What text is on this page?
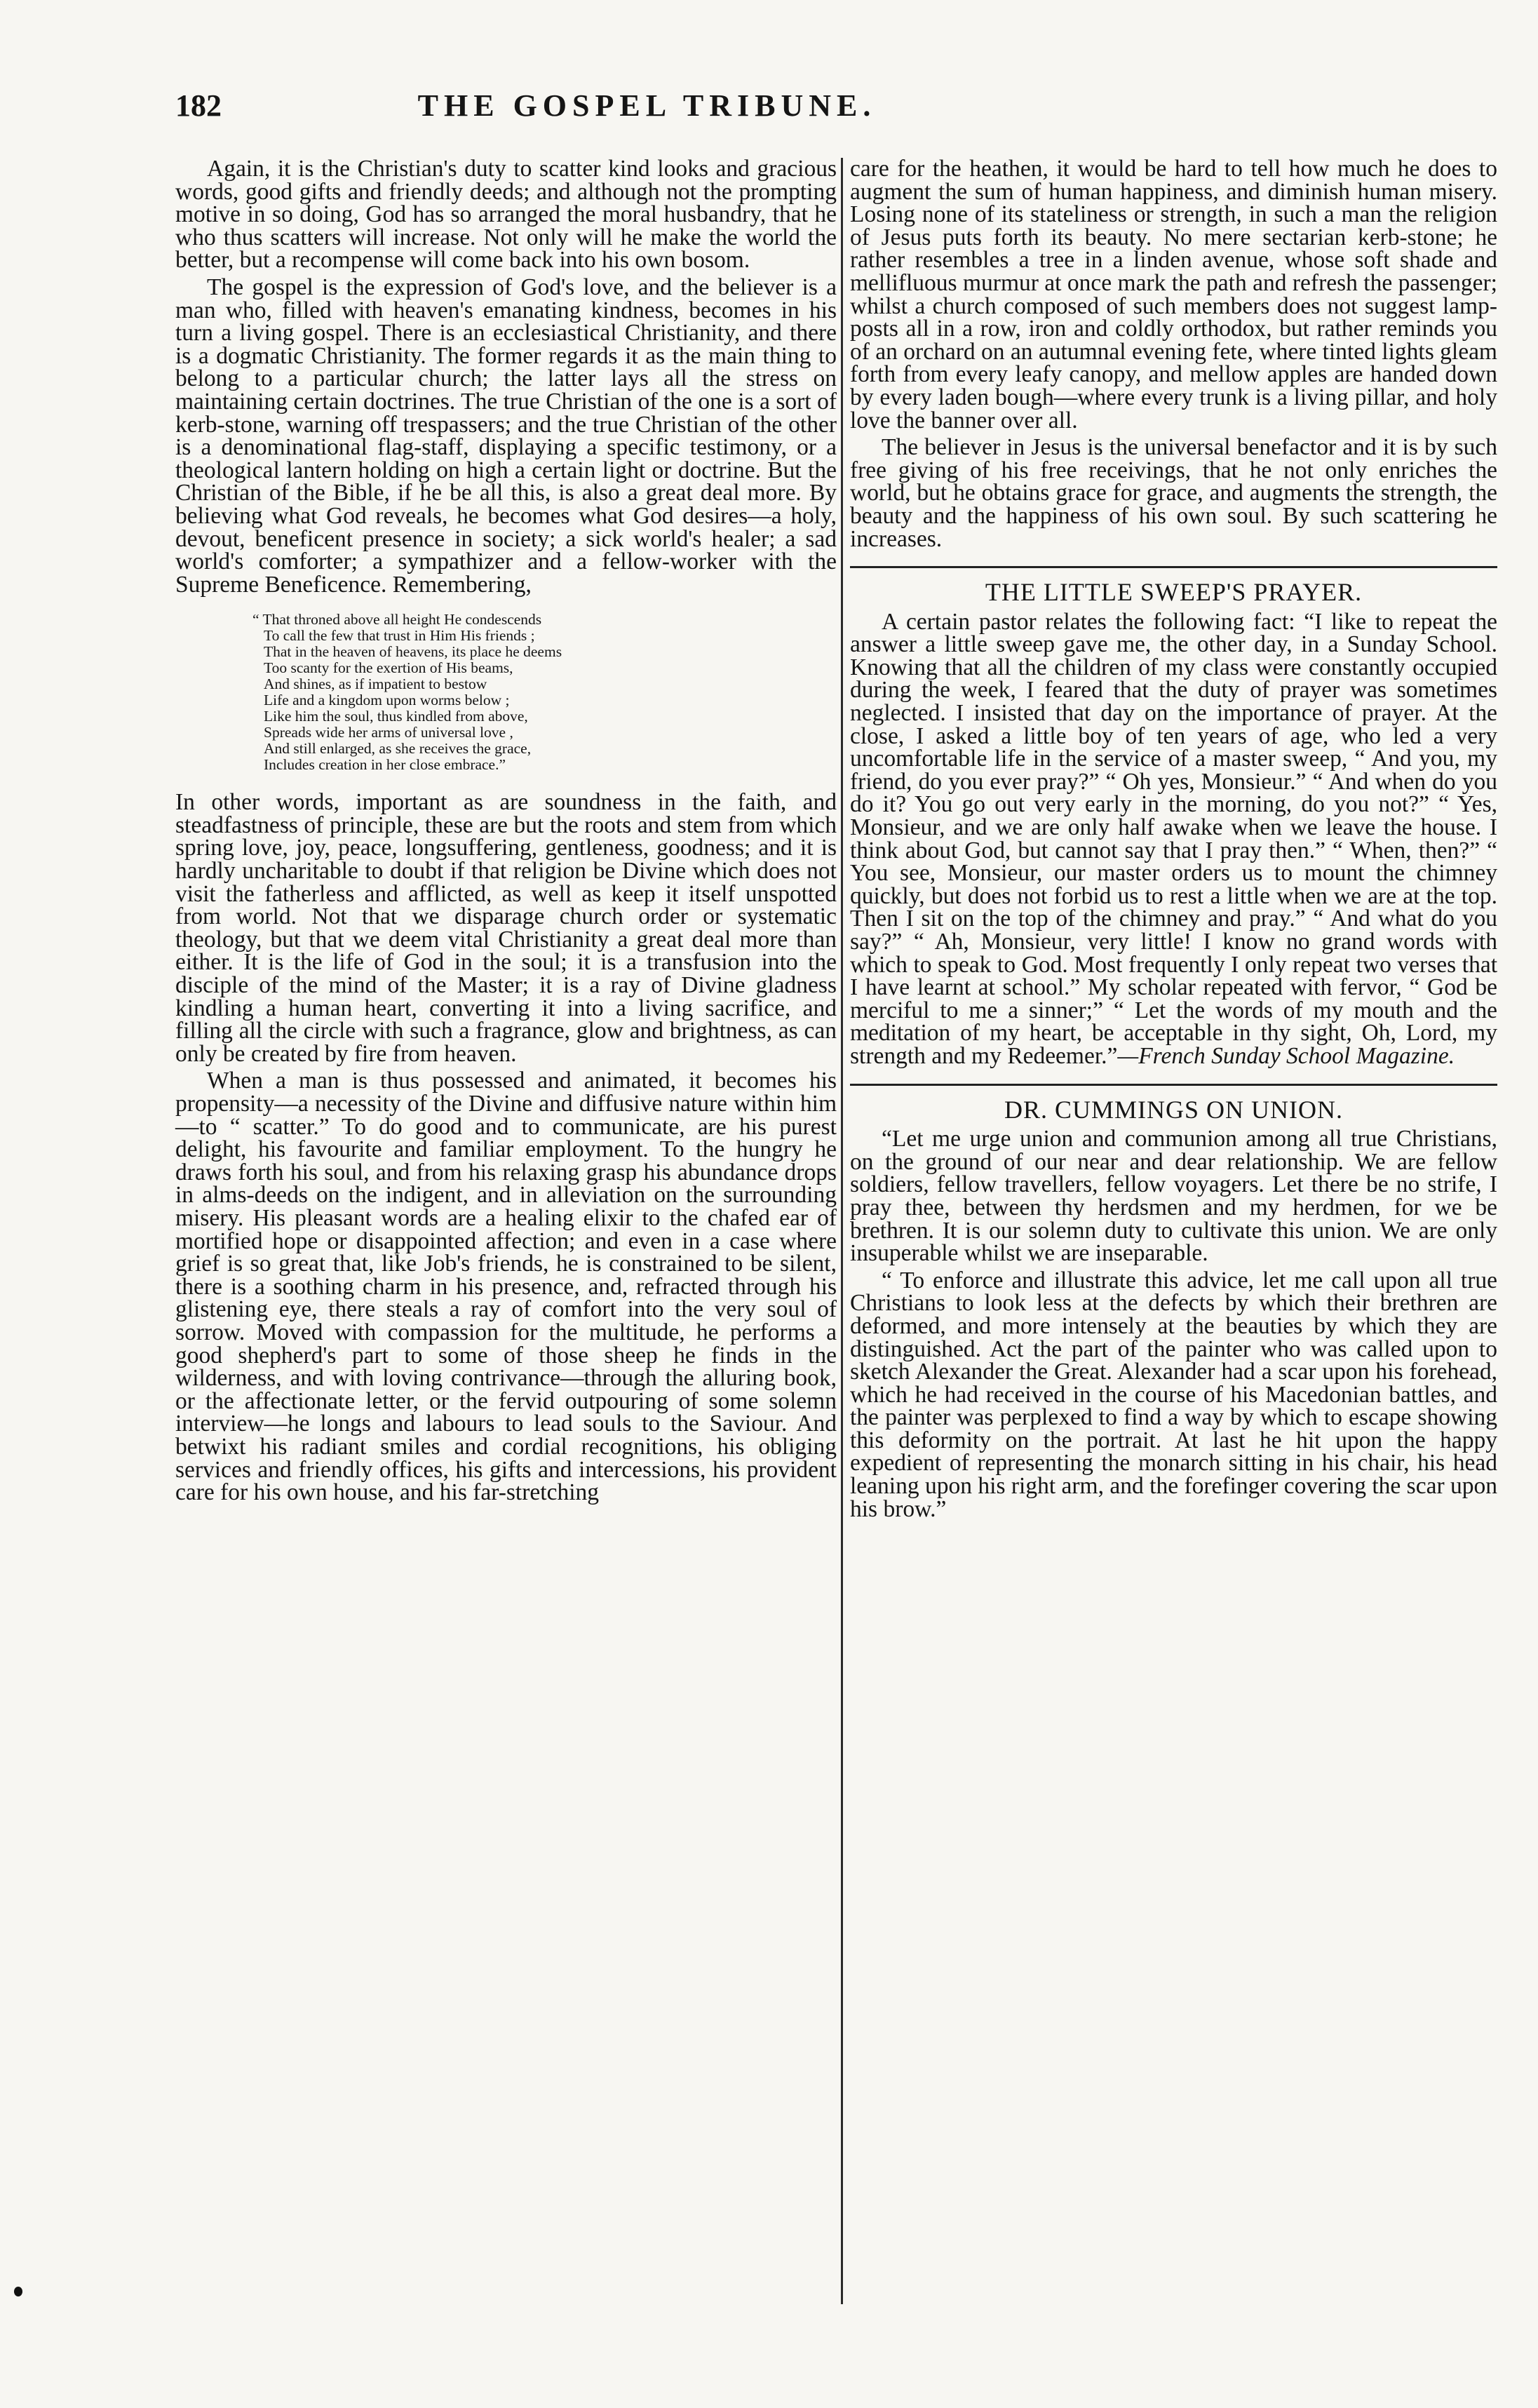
182	THE GOSPEL TRIBUNE.

Again, it is the Christian's duty to scatter kind looks and gracious words, good gifts and friendly deeds; and although not the prompting motive in so doing, God has so arranged the moral husbandry, that he who thus scatters will increase. Not only will he make the world the better, but a recompense will come back into his own bosom.

The gospel is the expression of God's love, and the believer is a man who, filled with heaven's emanating kindness, becomes in his turn a living gospel. There is an ecclesiastical Christianity, and there is a dogmatic Christianity. The former regards it as the main thing to belong to a particular church; the latter lays all the stress on maintaining certain doctrines. The true Christian of the one is a sort of kerb-stone, warning off trespassers; and the true Christian of the other is a denominational flag-staff, displaying a specific testimony, or a theological lantern holding on high a certain light or doctrine. But the Christian of the Bible, if he be all this, is also a great deal more. By believing what God reveals, he becomes what God desires—a holy, devout, beneficent presence in society; a sick world's healer; a sad world's comforter; a sympathizer and a fellow-worker with the Supreme Beneficence. Remembering,

“ That throned above all height He condescends
To call the few that trust in Him His friends ;
That in the heaven of heavens, its place he deems
Too scanty for the exertion of His beams,
And shines, as if impatient to bestow
Life and a kingdom upon worms below ;
Like him the soul, thus kindled from above,
Spreads wide her arms of universal love ,
And still enlarged, as she receives the grace,
Includes creation in her close embrace.”

In other words, important as are soundness in the faith, and steadfastness of principle, these are but the roots and stem from which spring love, joy, peace, longsuffering, gentleness, goodness; and it is hardly uncharitable to doubt if that religion be Divine which does not visit the fatherless and afflicted, as well as keep it itself unspotted from world. Not that we disparage church order or systematic theology, but that we deem vital Christianity a great deal more than either. It is the life of God in the soul; it is a transfusion into the disciple of the mind of the Master; it is a ray of Divine gladness kindling a human heart, converting it into a living sacrifice, and filling all the circle with such a fragrance, glow and brightness, as can only be created by fire from heaven.

When a man is thus possessed and animated, it becomes his propensity—a necessity of the Divine and diffusive nature within him—to “ scatter.” To do good and to communicate, are his purest delight, his favourite and familiar employment. To the hungry he draws forth his soul, and from his relaxing grasp his abundance drops in alms-deeds on the indigent, and in alleviation on the surrounding misery. His pleasant words are a healing elixir to the chafed ear of mortified hope or disappointed affection; and even in a case where grief is so great that, like Job's friends, he is constrained to be silent, there is a soothing charm in his presence, and, refracted through his glistening eye, there steals a ray of comfort into the very soul of sorrow. Moved with compassion for the multitude, he performs a good shepherd's part to some of those sheep he finds in the wilderness, and with loving contrivance—through the alluring book, or the affectionate letter, or the fervid outpouring of some solemn interview—he longs and labours to lead souls to the Saviour. And betwixt his radiant smiles and cordial recognitions, his obliging services and friendly offices, his gifts and intercessions, his provident care for his own house, and his far-stretching

care for the heathen, it would be hard to tell how much he does to augment the sum of human happiness, and diminish human misery. Losing none of its stateliness or strength, in such a man the religion of Jesus puts forth its beauty. No mere sectarian kerb-stone; he rather resembles a tree in a linden avenue, whose soft shade and mellifluous murmur at once mark the path and refresh the passenger; whilst a church composed of such members does not suggest lamp-posts all in a row, iron and coldly orthodox, but rather reminds you of an orchard on an autumnal evening fete, where tinted lights gleam forth from every leafy canopy, and mellow apples are handed down by every laden bough—where every trunk is a living pillar, and holy love the banner over all.

The believer in Jesus is the universal benefactor and it is by such free giving of his free receivings, that he not only enriches the world, but he obtains grace for grace, and augments the strength, the beauty and the happiness of his own soul. By such scattering he increases.

THE LITTLE SWEEP'S PRAYER.

A certain pastor relates the following fact: “I like to repeat the answer a little sweep gave me, the other day, in a Sunday School. Knowing that all the children of my class were constantly occupied during the week, I feared that the duty of prayer was sometimes neglected. I insisted that day on the importance of prayer. At the close, I asked a little boy of ten years of age, who led a very uncomfortable life in the service of a master sweep, “ And you, my friend, do you ever pray?” “ Oh yes, Monsieur.” “ And when do you do it? You go out very early in the morning, do you not?” “ Yes, Monsieur, and we are only half awake when we leave the house. I think about God, but cannot say that I pray then.” “ When, then?” “ You see, Monsieur, our master orders us to mount the chimney quickly, but does not forbid us to rest a little when we are at the top. Then I sit on the top of the chimney and pray.” “ And what do you say?” “ Ah, Monsieur, very little! I know no grand words with which to speak to God. Most frequently I only repeat two verses that I have learnt at school.” My scholar repeated with fervor, “ God be merciful to me a sinner;” “ Let the words of my mouth and the meditation of my heart, be acceptable in thy sight, Oh, Lord, my strength and my Redeemer.”—French Sunday School Magazine.

DR. CUMMINGS ON UNION.

“Let me urge union and communion among all true Christians, on the ground of our near and dear relationship. We are fellow soldiers, fellow travellers, fellow voyagers. Let there be no strife, I pray thee, between thy herdsmen and my herdmen, for we be brethren. It is our solemn duty to cultivate this union. We are only insuperable whilst we are inseparable.

“ To enforce and illustrate this advice, let me call upon all true Christians to look less at the defects by which their brethren are deformed, and more intensely at the beauties by which they are distinguished. Act the part of the painter who was called upon to sketch Alexander the Great. Alexander had a scar upon his forehead, which he had received in the course of his Macedonian battles, and the painter was perplexed to find a way by which to escape showing this deformity on the portrait. At last he hit upon the happy expedient of representing the monarch sitting in his chair, his head leaning upon his right arm, and the forefinger covering the scar upon his brow.”
